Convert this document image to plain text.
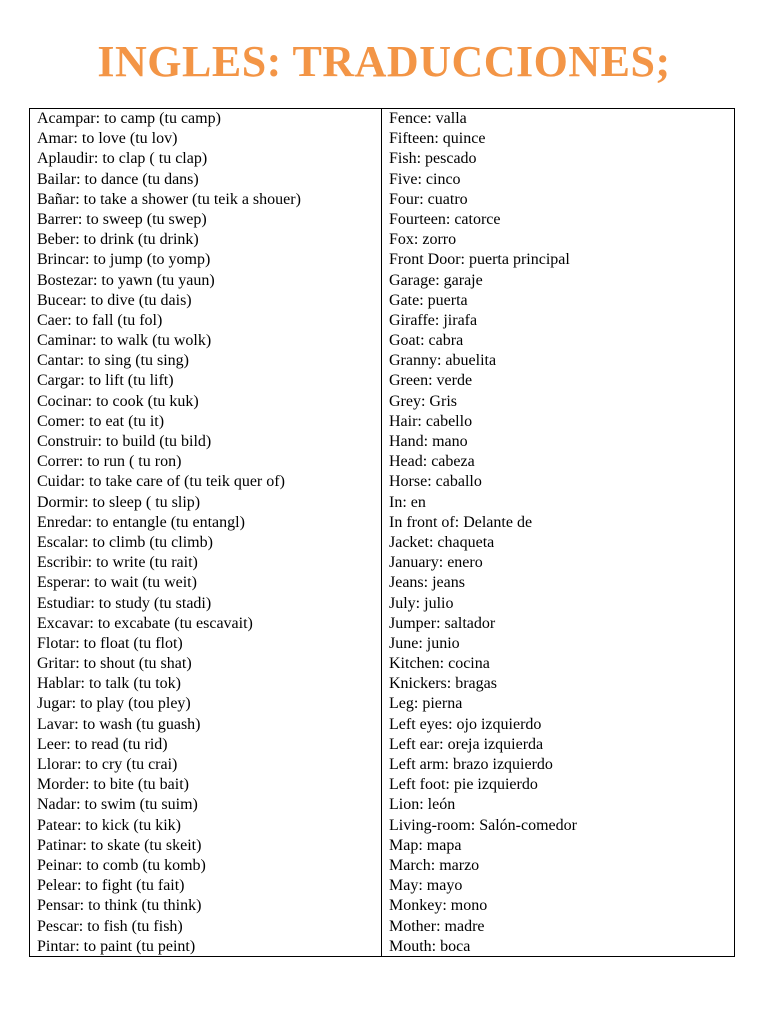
INGLES: TRADUCCIONES;
Acampar: to camp (tu camp)
Amar: to love (tu lov)
Aplaudir: to clap ( tu clap)
Bailar: to dance (tu dans)
Bañar: to take a shower (tu teik a shouer)
Barrer: to sweep (tu swep)
Beber: to drink (tu drink)
Brincar: to jump (to yomp)
Bostezar: to yawn (tu yaun)
Bucear: to dive (tu dais)
Caer: to fall (tu fol)
Caminar: to walk (tu wolk)
Cantar: to sing (tu sing)
Cargar: to lift (tu lift)
Cocinar: to cook (tu kuk)
Comer: to eat (tu it)
Construir: to build (tu bild)
Correr: to run ( tu ron)
Cuidar: to take care of (tu teik quer of)
Dormir: to sleep ( tu slip)
Enredar: to entangle (tu entangl)
Escalar: to climb (tu climb)
Escribir: to write (tu rait)
Esperar: to wait (tu weit)
Estudiar: to study (tu stadi)
Excavar: to excabate (tu escavait)
Flotar: to float (tu flot)
Gritar: to shout (tu shat)
Hablar: to talk (tu tok)
Jugar: to play (tou pley)
Lavar: to wash (tu guash)
Leer: to read (tu rid)
Llorar: to cry (tu crai)
Morder: to bite (tu bait)
Nadar: to swim (tu suim)
Patear: to kick (tu kik)
Patinar: to skate (tu skeit)
Peinar: to comb (tu komb)
Pelear: to fight (tu fait)
Pensar: to think (tu think)
Pescar: to fish (tu fish)
Pintar: to paint (tu peint)
Fence: valla
Fifteen: quince
Fish: pescado
Five: cinco
Four: cuatro
Fourteen: catorce
Fox: zorro
Front Door: puerta principal
Garage: garaje
Gate: puerta
Giraffe: jirafa
Goat: cabra
Granny: abuelita
Green: verde
Grey: Gris
Hair: cabello
Hand: mano
Head: cabeza
Horse: caballo
In: en
In front of: Delante de
Jacket: chaqueta
January: enero
Jeans: jeans
July: julio
Jumper: saltador
June: junio
Kitchen: cocina
Knickers: bragas
Leg: pierna
Left eyes: ojo izquierdo
Left ear: oreja izquierda
Left arm: brazo izquierdo
Left foot: pie izquierdo
Lion: león
Living-room: Salón-comedor
Map: mapa
March: marzo
May: mayo
Monkey: mono
Mother: madre
Mouth: boca
